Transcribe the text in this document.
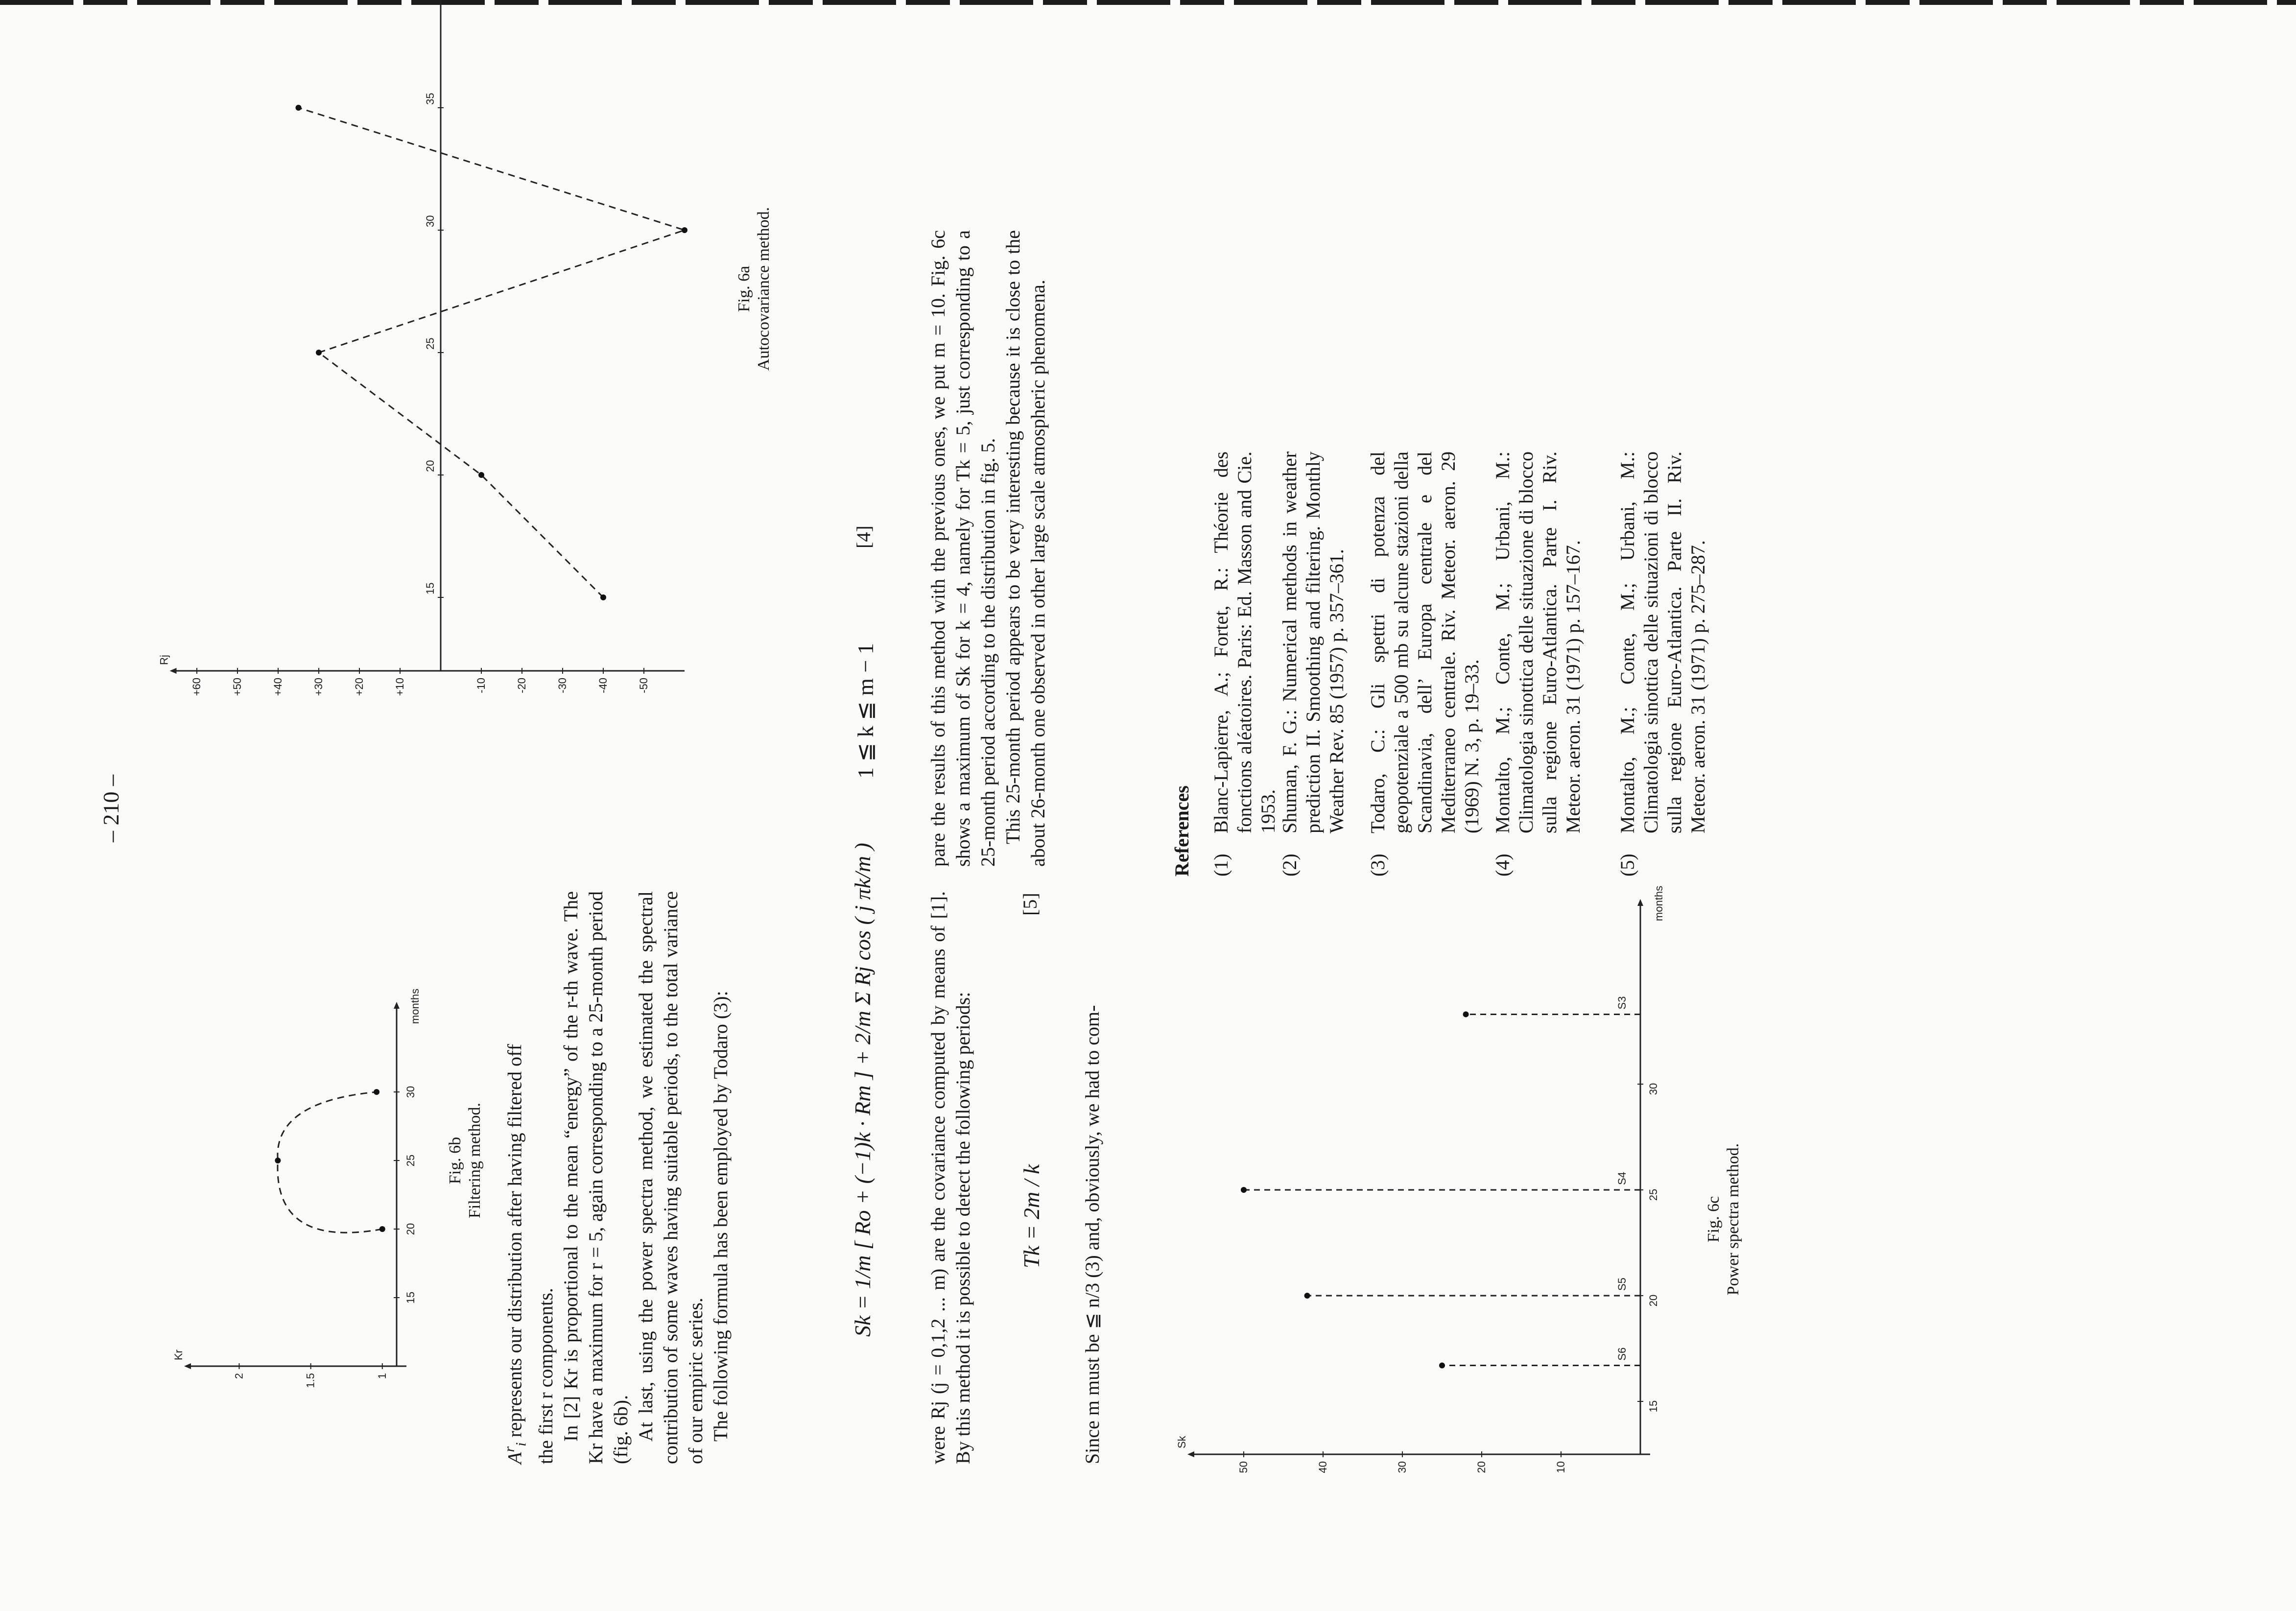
– 210 –
months
Kr
2	1.5	1
15
20
25
30
Fig. 6b Filtering method.
Rj
+60	+50	+40	+30	+20	+10	-10	-20	-30	-40	-50
15
20
25
30
35
Fig. 6a Autocovariance method.

$A^r_i$ represents our distribution after having filtered off the first r components. In [2] Kr is proportional to the mean “energy” of the r-th wave. The Kr have a maximum for r = 5, again corresponding to a 25-month period (fig. 6b). At last, using the power spectra method, we estimated the spectral contribution of some waves having suitable periods, to the total variance of our empiric series. The following formula has been employed by Todaro (3):	Sk = 1/m [ Ro + (−1)k · Rm ] + 2/m Σ Rj cos ( j πk/m )
1 ≦ k ≦ m − 1
[4]

were Rj (j = 0,1,2 ... m) are the covariance computed by means of [1]. By this method it is possible to detect the following periods: Tk = 2m / k
[5]

Since m must be ≦ n/3 (3) and, obviously, we had to com-

pare the results of this method with the previous ones, we put m = 10. Fig. 6c shows a maximum of Sk for k = 4, namely for Tk = 5, just corresponding to a 25-month period according to the distribution in fig. 5. This 25-month period appears to be very interesting because it is close to the about 26-month one observed in other large scale atmospheric phenomena.	References (1)
Blanc-Lapierre, A.; Fortet, R.: Théorie des fonctions aléatoires. Paris: Ed. Masson and Cie. 1953.
(2)
Shuman, F. G.: Numerical methods in weather prediction II. Smoothing and filtering. Monthly Weather Rev. 85 (1957) p. 357–361.
(3)
Todaro, C.: Gli spettri di potenza del geopotenziale a 500 mb su alcune stazioni della Scandinavia, dell’ Europa centrale e del Mediterraneo centrale. Riv. Meteor. aeron. 29 (1969) N. 3, p. 19–33.
(4)
Montalto, M.; Conte, M.; Urbani, M.: Climatologia sinottica delle situazione di blocco sulla regione Euro-Atlantica. Parte I. Riv. Meteor. aeron. 31 (1971) p. 157–167.
(5)
Montalto, M.; Conte, M.; Urbani, M.: Climatologia sinottica delle situazioni di blocco sulla regione Euro-Atlantica. Parte II. Riv. Meteor. aeron. 31 (1971) p. 275–287.
months
Sk
50	40	30	20	10
15
20
25
30
S6
S5
S4
S3
Fig. 6c Power spectra method.
